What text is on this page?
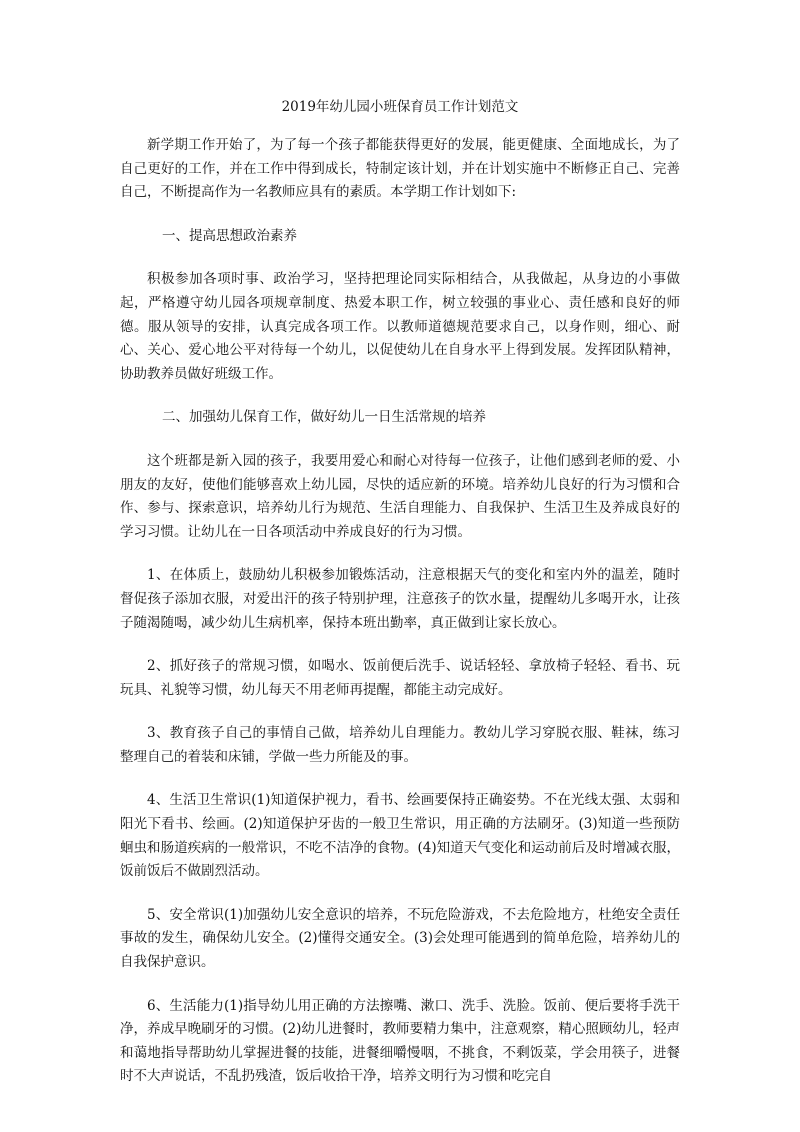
2019年幼儿园小班保育员工作计划范文

新学期工作开始了，为了每一个孩子都能获得更好的发展，能更健康、全面地成长，为了自己更好的工作，并在工作中得到成长，特制定该计划，并在计划实施中不断修正自己、完善自己，不断提高作为一名教师应具有的素质。本学期工作计划如下:

一、提高思想政治素养

积极参加各项时事、政治学习，坚持把理论同实际相结合，从我做起，从身边的小事做起，严格遵守幼儿园各项规章制度、热爱本职工作，树立较强的事业心、责任感和良好的师德。服从领导的安排，认真完成各项工作。以教师道德规范要求自己，以身作则，细心、耐心、关心、爱心地公平对待每一个幼儿，以促使幼儿在自身水平上得到发展。发挥团队精神，协助教养员做好班级工作。

二、加强幼儿保育工作，做好幼儿一日生活常规的培养

这个班都是新入园的孩子，我要用爱心和耐心对待每一位孩子，让他们感到老师的爱、小朋友的友好，使他们能够喜欢上幼儿园，尽快的适应新的环境。培养幼儿良好的行为习惯和合作、参与、探索意识，培养幼儿行为规范、生活自理能力、自我保护、生活卫生及养成良好的学习习惯。让幼儿在一日各项活动中养成良好的行为习惯。

1、在体质上，鼓励幼儿积极参加锻炼活动，注意根据天气的变化和室内外的温差，随时督促孩子添加衣服，对爱出汗的孩子特别护理，注意孩子的饮水量，提醒幼儿多喝开水，让孩子随渴随喝，减少幼儿生病机率，保持本班出勤率，真正做到让家长放心。

2、抓好孩子的常规习惯，如喝水、饭前便后洗手、说话轻轻、拿放椅子轻轻、看书、玩玩具、礼貌等习惯，幼儿每天不用老师再提醒，都能主动完成好。

3、教育孩子自己的事情自己做，培养幼儿自理能力。教幼儿学习穿脱衣服、鞋袜，练习整理自己的着装和床铺，学做一些力所能及的事。

4、生活卫生常识(1)知道保护视力，看书、绘画要保持正确姿势。不在光线太强、太弱和阳光下看书、绘画。(2)知道保护牙齿的一般卫生常识，用正确的方法刷牙。(3)知道一些预防蛔虫和肠道疾病的一般常识，不吃不洁净的食物。(4)知道天气变化和运动前后及时增减衣服，饭前饭后不做剧烈活动。

5、安全常识(1)加强幼儿安全意识的培养，不玩危险游戏，不去危险地方，杜绝安全责任事故的发生，确保幼儿安全。(2)懂得交通安全。(3)会处理可能遇到的简单危险，培养幼儿的自我保护意识。

6、生活能力(1)指导幼儿用正确的方法擦嘴、漱口、洗手、洗脸。饭前、便后要将手洗干净，养成早晚刷牙的习惯。(2)幼儿进餐时，教师要精力集中，注意观察，精心照顾幼儿，轻声和蔼地指导帮助幼儿掌握进餐的技能，进餐细嚼慢咽，不挑食，不剩饭菜，学会用筷子，进餐时不大声说话，不乱扔残渣，饭后收拾干净，培养文明行为习惯和吃完自
